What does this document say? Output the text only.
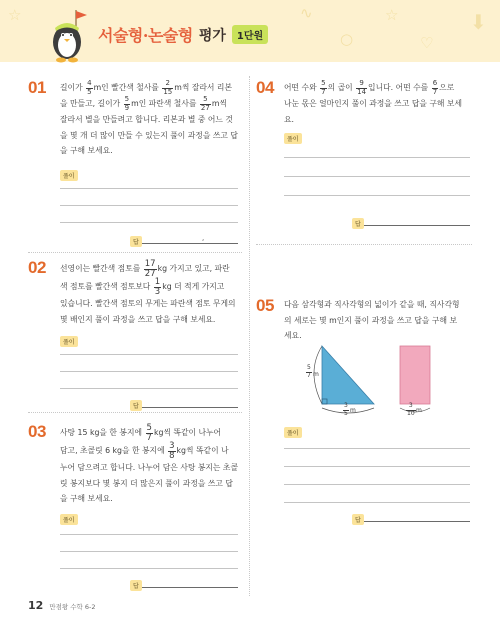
☆	∿
○
☆
♡
⬇
서술형·논술형 평가	1단원
01 길이가 $\frac{4}{5}$ m인 빨간색 철사를 $\frac{2}{15}$ m씩 잘라서 리본
을 만들고, 길이가 $\frac{5}{9}$ m인 파란색 철사를 $\frac{5}{27}$ m씩
잘라서 별을 만들려고 합니다. 리본과 별 중 어느 것
을 몇 개 더 많이 만들 수 있는지 풀이 과정을 쓰고 답
을 구해 보세요.
풀이
답
,
02 선영이는 빨간색 점토를 $\frac{17}{27}$ kg 가지고 있고, 파란
색 점토를 빨간색 점토보다 $\frac{1}{3}$ kg 더 적게 가지고
있습니다. 빨간색 점토의 무게는 파란색 점토 무게의
몇 배인지 풀이 과정을 쓰고 답을 구해 보세요.
풀이
답
03 사탕 15 kg을 한 봉지에 $\frac{5}{7}$ kg씩 똑같이 나누어
담고, 초콜릿 6 kg을 한 봉지에 $\frac{3}{8}$ kg씩 똑같이 나
누어 담으려고 합니다. 나누어 담은 사탕 봉지는 초콜
릿 봉지보다 몇 봉지 더 많은지 풀이 과정을 쓰고 답
을 구해 보세요.
풀이
답
04 어떤 수와 $\frac{5}{7}$ 의 곱이 $\frac{9}{14}$ 입니다. 어떤 수를 $\frac{6}{7}$ 으로
나눈 몫은 얼마인지 풀이 과정을 쓰고 답을 구해 보세
요.
풀이
답
05 다음 삼각형과 직사각형의 넓이가 같을 때, 직사각형
의 세로는 몇 m인지 풀이 과정을 쓰고 답을 구해 보
세요.
$\frac{5}{7}$ m
$\frac{3}{5}$ m	$\frac{3}{10}$ m
풀이
답
12 만점왕 수학 6-2
